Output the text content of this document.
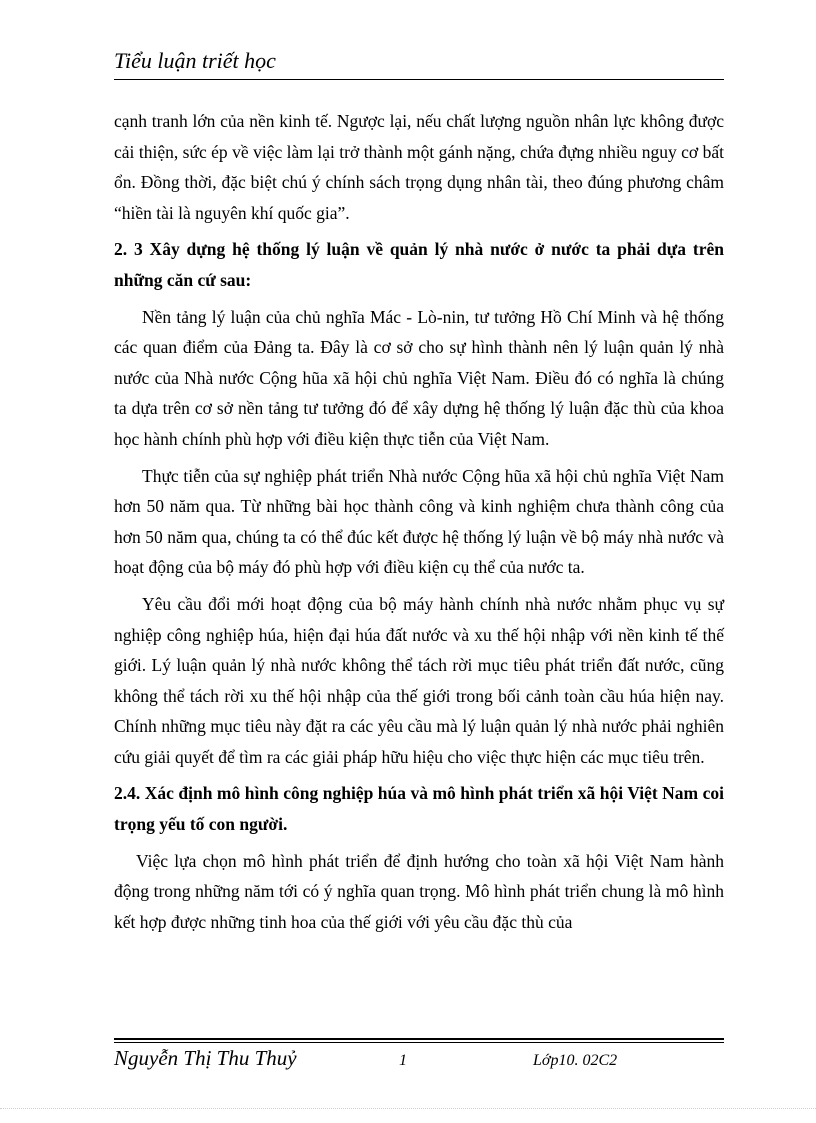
Tiểu luận triết học

cạnh tranh lớn của nền kinh tế. Ngược lại, nếu chất lượng nguồn nhân lực không được cải thiện, sức ép về việc làm lại trở thành một gánh nặng, chứa đựng nhiều nguy cơ bất ổn. Đồng thời, đặc biệt chú ý chính sách trọng dụng nhân tài, theo đúng phương châm “hiền tài là nguyên khí quốc gia”.

2. 3 Xây dựng hệ thống lý luận về quản lý nhà nước ở nước ta phải dựa trên những căn cứ sau:

Nền tảng lý luận của chủ nghĩa Mác - Lò-nin, tư tưởng Hồ Chí Minh và hệ thống các quan điểm của Đảng ta. Đây là cơ sở cho sự hình thành nên lý luận quản lý nhà nước của Nhà nước Cộng hũa xã hội chủ nghĩa Việt Nam. Điều đó có nghĩa là chúng ta dựa trên cơ sở nền tảng tư tưởng đó để xây dựng hệ thống lý luận đặc thù của khoa học hành chính phù hợp với điều kiện thực tiễn của Việt Nam.

Thực tiễn của sự nghiệp phát triển Nhà nước Cộng hũa xã hội chủ nghĩa Việt Nam hơn 50 năm qua. Từ những bài học thành công và kinh nghiệm chưa thành công của hơn 50 năm qua, chúng ta có thể đúc kết được hệ thống lý luận về bộ máy nhà nước và hoạt động của bộ máy đó phù hợp với điều kiện cụ thể của nước ta.

Yêu cầu đổi mới hoạt động của bộ máy hành chính nhà nước nhằm phục vụ sự nghiệp công nghiệp húa, hiện đại húa đất nước và xu thế hội nhập với nền kinh tế thế giới. Lý luận quản lý nhà nước không thể tách rời mục tiêu phát triển đất nước, cũng không thể tách rời xu thế hội nhập của thế giới trong bối cảnh toàn cầu húa hiện nay. Chính những mục tiêu này đặt ra các yêu cầu mà lý luận quản lý nhà nước phải nghiên cứu giải quyết để tìm ra các giải pháp hữu hiệu cho việc thực hiện các mục tiêu trên.

2.4. Xác định mô hình công nghiệp húa và mô hình phát triển xã hội Việt Nam coi trọng yếu tố con người.

Việc lựa chọn mô hình phát triển để định hướng cho toàn xã hội Việt Nam hành động trong những năm tới có ý nghĩa quan trọng. Mô hình phát triển chung là mô hình kết hợp được những tinh hoa của thế giới với yêu cầu đặc thù của

Nguyễn Thị Thu Thuỷ	1	Lớp10. 02C2
